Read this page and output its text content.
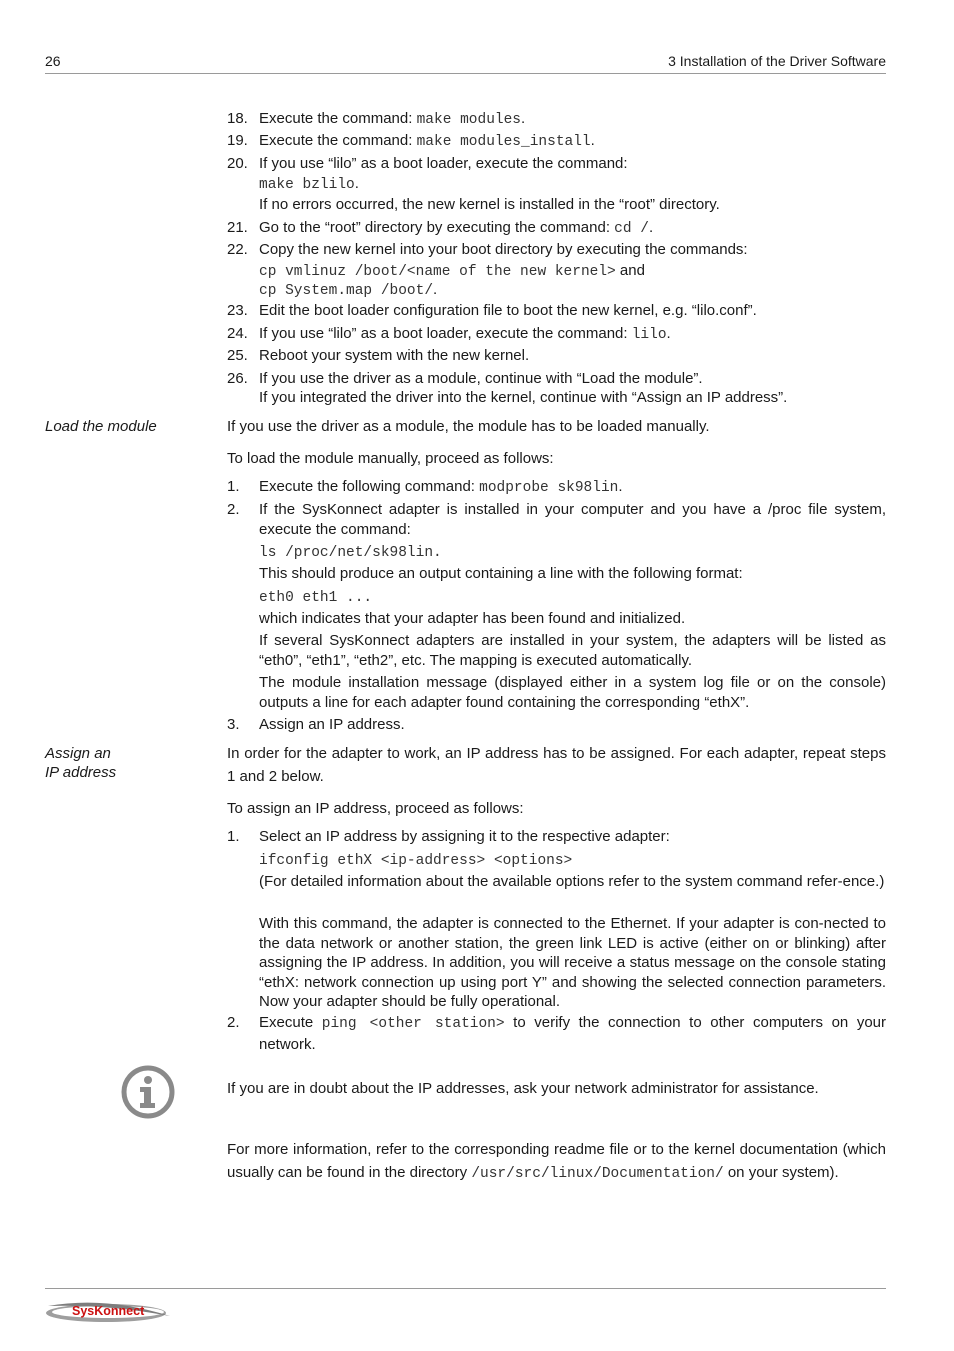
26	3 Installation of the Driver Software
18. Execute the command: make modules.
19. Execute the command: make modules_install.
20. If you use “lilo” as a boot loader, execute the command:
make bzlilo.
If no errors occurred, the new kernel is installed in the “root” directory.
21. Go to the “root” directory by executing the command: cd /.
22. Copy the new kernel into your boot directory by executing the commands:
cp vmlinuz /boot/<name of the new kernel> and
cp System.map /boot/.
23. Edit the boot loader configuration file to boot the new kernel, e.g. “lilo.conf”.
24. If you use “lilo” as a boot loader, execute the command: lilo.
25. Reboot your system with the new kernel.
26. If you use the driver as a module, continue with “Load the module”.
If you integrated the driver into the kernel, continue with “Assign an IP address”.
Load the module	If you use the driver as a module, the module has to be loaded manually.
To load the module manually, proceed as follows:
1. Execute the following command: modprobe sk98lin.
2. If the SysKonnect adapter is installed in your computer and you have a /proc file system, execute the command:
ls /proc/net/sk98lin.
This should produce an output containing a line with the following format:
eth0 eth1 ...
which indicates that your adapter has been found and initialized.
If several SysKonnect adapters are installed in your system, the adapters will be listed as “eth0”, “eth1”, “eth2”, etc. The mapping is executed automatically.
The module installation message (displayed either in a system log file or on the console) outputs a line for each adapter found containing the corresponding “ethX”.
3. Assign an IP address.
Assign an
IP address
In order for the adapter to work, an IP address has to be assigned. For each adapter, repeat steps 1 and 2 below.
To assign an IP address, proceed as follows:
1. Select an IP address by assigning it to the respective adapter:
ifconfig ethX <ip-address> <options>
(For detailed information about the available options refer to the system command refer-ence.)
With this command, the adapter is connected to the Ethernet. If your adapter is con-nected to the data network or another station, the green link LED is active (either on or blinking) after assigning the IP address. In addition, you will receive a status message on the console stating “ethX: network connection up using port Y” and showing the selected connection parameters. Now your adapter should be fully operational.
2. Execute ping <other station> to verify the connection to other computers on your network.
If you are in doubt about the IP addresses, ask your network administrator for assistance.
For more information, refer to the corresponding readme file or to the kernel documentation (which usually can be found in the directory /usr/src/linux/Documentation/ on your system).
SysKonnect
